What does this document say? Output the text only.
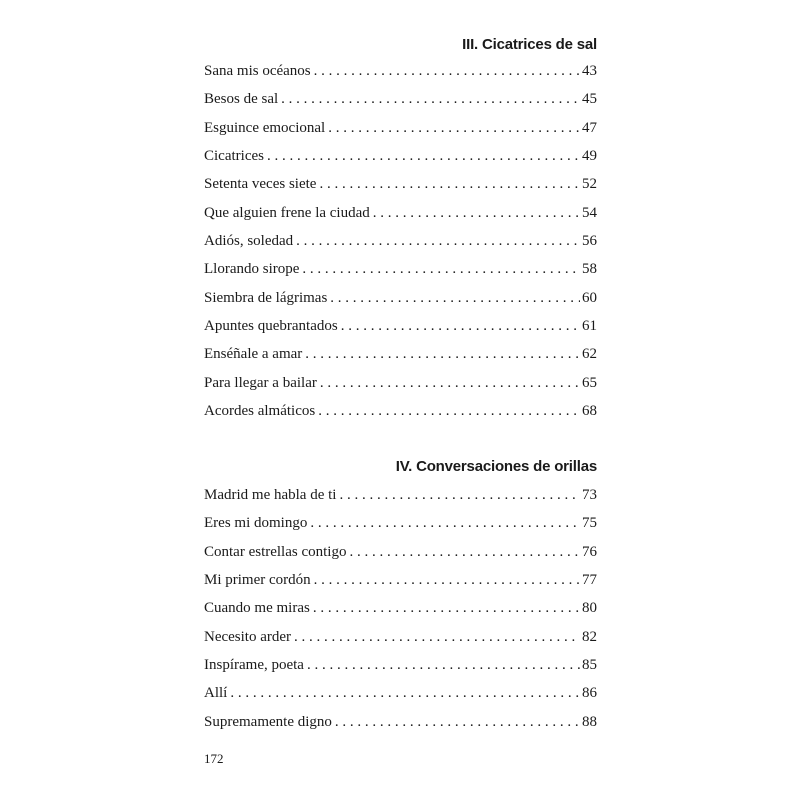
III. Cicatrices de sal
Sana mis océanos . . .	43
Besos de sal . . .	45
Esguince emocional . . .	47
Cicatrices . . .	49
Setenta veces siete . . .	52
Que alguien frene la ciudad . . .	54
Adiós, soledad . . .	56
Llorando sirope . . .	58
Siembra de lágrimas . . .	60
Apuntes quebrantados . . .	61
Enséñale a amar . . .	62
Para llegar a bailar . . .	65
Acordes almáticos . . .	68
IV. Conversaciones de orillas
Madrid me habla de ti . . .	73
Eres mi domingo . . .	75
Contar estrellas contigo . . .	76
Mi primer cordón . . .	77
Cuando me miras . . .	80
Necesito arder . . .	82
Inspírame, poeta . . .	85
Allí . . .	86
Supremamente digno . . .	88
172
